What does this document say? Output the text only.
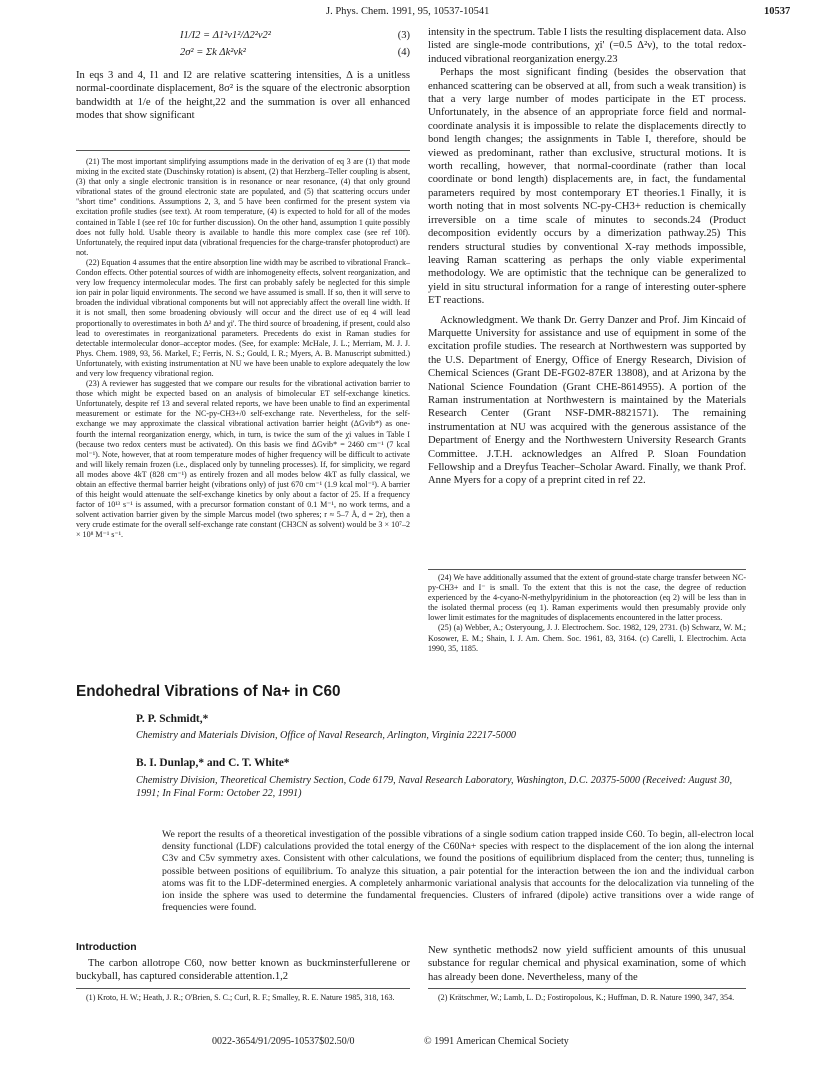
J. Phys. Chem. 1991, 95, 10537-10541	10537
I1/I2 = Δ1²ν1²/Δ2²ν2²	(3)
2σ² = Σk Δk²νk²	(4)

In eqs 3 and 4, I1 and I2 are relative scattering intensities, Δ is a unitless normal-coordinate displacement, 8σ² is the square of the electronic absorption bandwidth at 1/e of the height,22 and the summation is over all enhanced modes that show significant

(21) The most important simplifying assumptions made in the derivation of eq 3 are (1) that mode mixing in the excited state (Duschinsky rotation) is absent, (2) that Herzberg–Teller coupling is absent, (3) that only a single electronic transition is in resonance or near resonance, (4) that only ground vibrational states of the ground electronic state are populated, and (5) that scattering occurs under "short time" conditions. Assumptions 2, 3, and 5 have been confirmed for the present system via excitation profile studies (see text). At room temperature, (4) is expected to hold for all of the modes contained in Table I (see ref 10c for further discussion). On the other hand, assumption 1 quite possibly does not fully hold. Usable theory is available to handle this more complex case (see ref 10f). Unfortunately, the required input data (vibrational frequencies for the charge-transfer photoproduct) are not.

(22) Equation 4 assumes that the entire absorption line width may be ascribed to vibrational Franck–Condon effects. Other potential sources of width are inhomogeneity effects, solvent reorganization, and very low frequency intermolecular modes. The first can probably safely be neglected for this simple ion pair in polar liquid environments. The second we have assumed is small. If so, then it will serve to broaden the individual vibrational components but will not appreciably affect the overall line width. If it is not small, then some broadening obviously will occur and the direct use of eq 4 will lead proportionally to overestimates in both Δ² and χi'. The third source of broadening, if present, could also lead to overestimates in reorganizational parameters. Precedents do exist in Raman studies for detectable intermolecular donor–acceptor modes. (See, for example: McHale, J. L.; Merriam, M. J. J. Phys. Chem. 1989, 93, 56. Markel, F.; Ferris, N. S.; Gould, I. R.; Myers, A. B. Manuscript submitted.) Unfortunately, with existing instrumentation at NU we have been unable to explore adequately the low and very low frequency vibrational region.

(23) A reviewer has suggested that we compare our results for the vibrational activation barrier to those which might be expected based on an analysis of bimolecular ET self-exchange kinetics. Unfortunately, despite ref 13 and several related reports, we have been unable to find an experimental measurement or estimate for the NC-py-CH3+/0 self-exchange rate. Nevertheless, for the self-exchange we may approximate the classical vibrational activation barrier height (ΔGvib*) as one-fourth the internal reorganization energy, which, in turn, is twice the sum of the χi values in Table I (because two redox centers must be activated). On this basis we find ΔGvib* = 2460 cm⁻¹ (7 kcal mol⁻¹). Note, however, that at room temperature modes of higher frequency will be difficult to activate and will likely remain frozen (i.e., displaced only by tunneling processes). If, for simplicity, we regard all modes above 4kT (828 cm⁻¹) as entirely frozen and all modes below 4kT as fully classical, we obtain an effective thermal barrier height (vibrations only) of just 670 cm⁻¹ (1.9 kcal mol⁻¹). A barrier of this height would attenuate the self-exchange kinetics by only about a factor of 25. If a frequency factor of 10¹³ s⁻¹ is assumed, with a precursor formation constant of 0.1 M⁻¹, no work terms, and a solvent activation barrier given by the simple Marcus model (two spheres; r ≈ 5–7 Å, d = 2r), then a very crude estimate for the overall self-exchange rate constant (CH3CN as solvent) would be 3 × 10⁷–2 × 10⁸ M⁻¹ s⁻¹.

intensity in the spectrum. Table I lists the resulting displacement data. Also listed are single-mode contributions, χi' (=0.5 Δ²ν), to the total redox-induced vibrational reorganization energy.23

Perhaps the most significant finding (besides the observation that enhanced scattering can be observed at all, from such a weak transition) is that a very large number of modes participate in the ET process. Unfortunately, in the absence of an appropriate force field and normal-coordinate analysis it is impossible to relate the displacements directly to bond length changes; the assignments in Table I, therefore, should be viewed as predominant, rather than exclusive, structural motions. It is worth recalling, however, that normal-coordinate (rather than local coordinate or bond length) displacements are, in fact, the fundamental parameters required by most contemporary ET theories.1 Finally, it is worth noting that in most solvents NC-py-CH3+ reduction is chemically irreversible on a time scale of minutes to seconds.24 (Product decomposition evidently occurs by a dimerization pathway.25) This renders structural studies by conventional X-ray methods impossible, leaving Raman scattering as perhaps the only viable experimental methodology. We are optimistic that the technique can be generalized to yield in situ structural information for a range of interesting outer-sphere ET reactions.

Acknowledgment. We thank Dr. Gerry Danzer and Prof. Jim Kincaid of Marquette University for assistance and use of equipment in some of the excitation profile studies. The research at Northwestern was supported by the U.S. Department of Energy, Office of Energy Research, Division of Chemical Sciences (Grant DE-FG02-87ER 13808), and at Arizona by the National Science Foundation (Grant CHE-8614955). A portion of the Raman instrumentation at Northwestern is maintained by the Materials Research Center (Grant NSF-DMR-8821571). The remaining instrumentation at NU was acquired with the generous assistance of the Department of Energy and the Northwestern University Research Grants Committee. J.T.H. acknowledges an Alfred P. Sloan Foundation Fellowship and a Dreyfus Teacher–Scholar Award. Finally, we thank Prof. Anne Myers for a copy of a preprint cited in ref 22.

(24) We have additionally assumed that the extent of ground-state charge transfer between NC-py-CH3+ and I⁻ is small. To the extent that this is not the case, the degree of reduction experienced by the 4-cyano-N-methylpyridinium in the photoreaction (eq 2) will be less than in the isolated thermal process (eq 1). Raman experiments would then presumably provide only lower limit estimates for the magnitudes of displacements encountered in the latter process.

(25) (a) Webber, A.; Osteryoung, J. J. Electrochem. Soc. 1982, 129, 2731. (b) Schwarz, W. M.; Kosower, E. M.; Shain, I. J. Am. Chem. Soc. 1961, 83, 3164. (c) Carelli, I. Electrochim. Acta 1990, 35, 1185.

Endohedral Vibrations of Na+ in C60
P. P. Schmidt,*
Chemistry and Materials Division, Office of Naval Research, Arlington, Virginia 22217-5000
B. I. Dunlap,* and C. T. White*
Chemistry Division, Theoretical Chemistry Section, Code 6179, Naval Research Laboratory, Washington, D.C. 20375-5000 (Received: August 30, 1991; In Final Form: October 22, 1991)
We report the results of a theoretical investigation of the possible vibrations of a single sodium cation trapped inside C60. To begin, all-electron local density functional (LDF) calculations provided the total energy of the C60Na+ species with respect to the displacement of the ion along the internal C3v and C5v symmetry axes. Consistent with other calculations, we found the positions of equilibrium displaced from the center; thus, tunneling is possible between positions of equilibrium. To analyze this situation, a pair potential for the interaction between the ion and the individual carbon atoms was fit to the LDF-determined energies. A completely anharmonic variational analysis that accounts for the delocalization via tunneling of the ion inside the sphere was used to determine the fundamental frequencies. Clusters of infrared (dipole) active transitions over a wide range of frequencies were found.
Introduction
The carbon allotrope C60, now better known as buckminsterfullerene or buckyball, has captured considerable attention.1,2
New synthetic methods2 now yield sufficient amounts of this unusual substance for regular chemical and physical examination, some of which has already been done. Nevertheless, many of the
(1) Kroto, H. W.; Heath, J. R.; O'Brien, S. C.; Curl, R. F.; Smalley, R. E. Nature 1985, 318, 163.	(2) Krätschmer, W.; Lamb, L. D.; Fostiropolous, K.; Huffman, D. R. Nature 1990, 347, 354.
0022-3654/91/2095-10537$02.50/0	© 1991 American Chemical Society
